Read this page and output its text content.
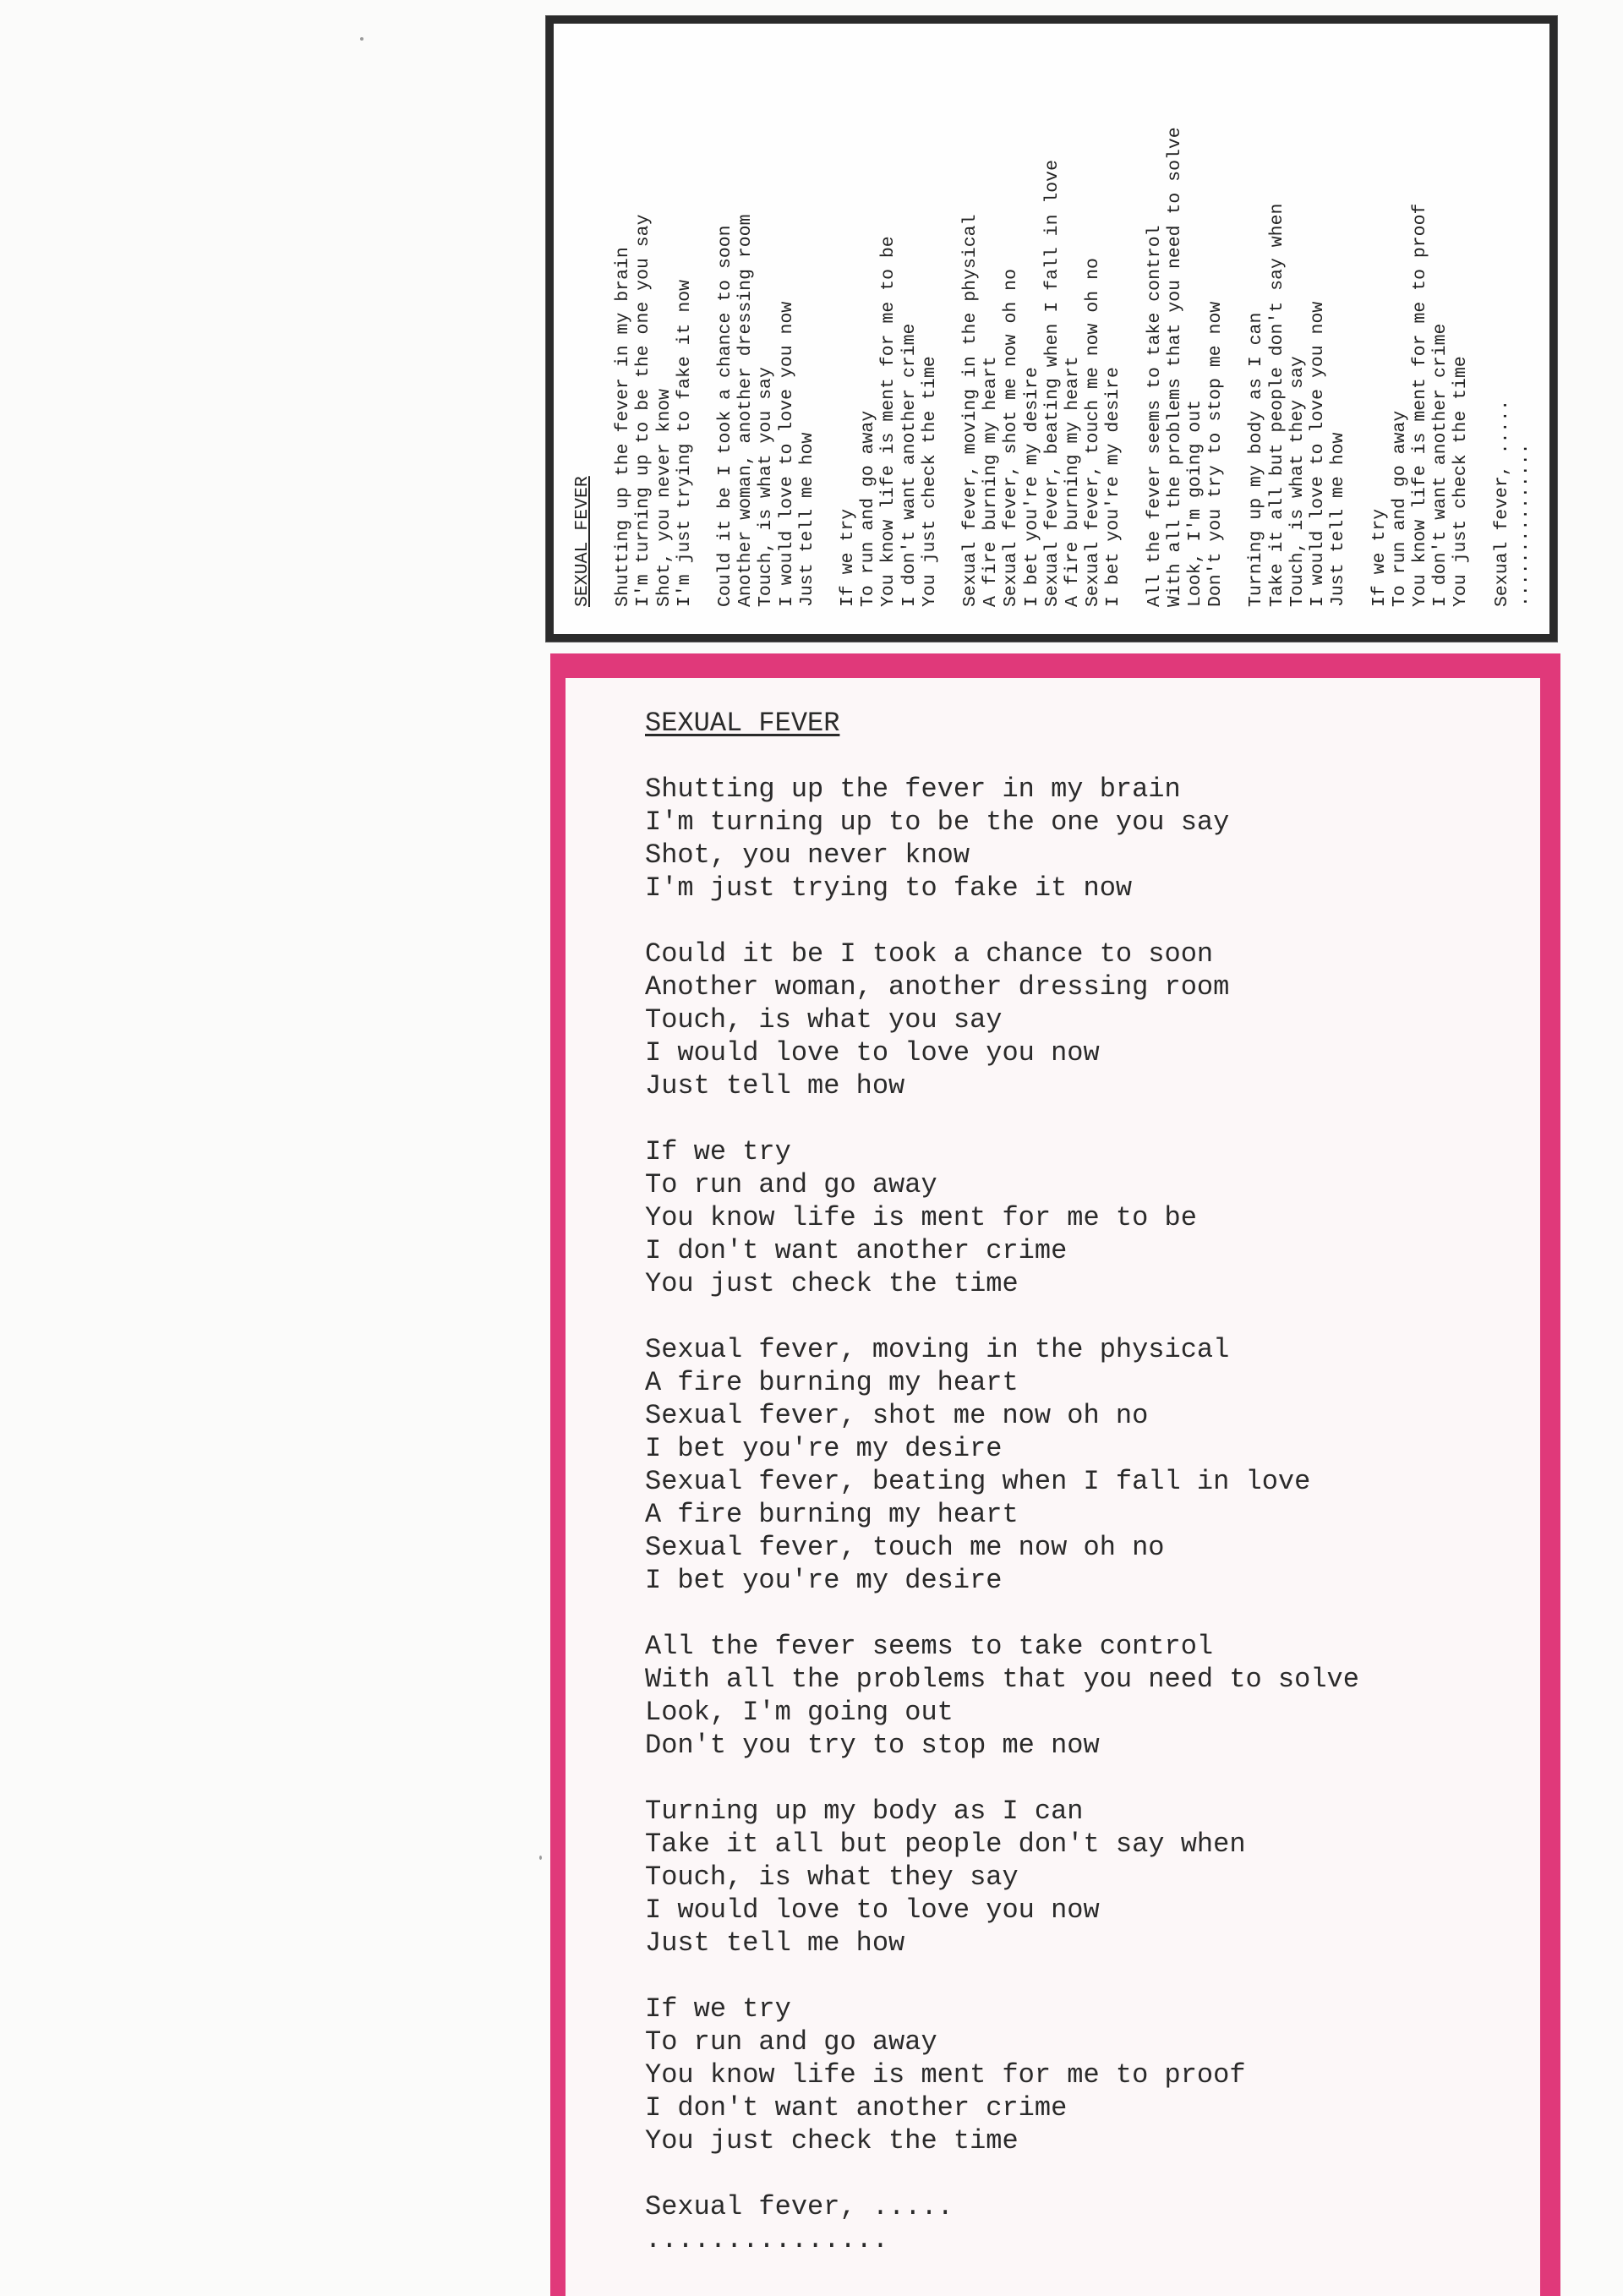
SEXUAL FEVER Shutting up the fever in my brain I'm turning up to be the one you say Shot, you never know I'm just trying to fake it now Could it be I took a chance to soon Another woman, another dressing room Touch, is what you say I would love to love you now Just tell me how If we try To run and go away You know life is ment for me to be I don't want another crime You just check the time Sexual fever, moving in the physical A fire burning my heart Sexual fever, shot me now oh no I bet you're my desire Sexual fever, beating when I fall in love A fire burning my heart Sexual fever, touch me now oh no I bet you're my desire All the fever seems to take control With all the problems that you need to solve Look, I'm going out Don't you try to stop me now Turning up my body as I can Take it all but people don't say when Touch, is what they say I would love to love you now Just tell me how If we try To run and go away You know life is ment for me to proof I don't want another crime You just check the time Sexual fever, ..... ...............
SEXUAL FEVER
Shutting up the fever in my brain
I'm turning up to be the one you say
Shot, you never know
I'm just trying to fake it now
Could it be I took a chance to soon
Another woman, another dressing room
Touch, is what you say
I would love to love you now
Just tell me how
If we try
To run and go away
You know life is ment for me to be
I don't want another crime
You just check the time
Sexual fever, moving in the physical
A fire burning my heart
Sexual fever, shot me now oh no
I bet you're my desire
Sexual fever, beating when I fall in love
A fire burning my heart
Sexual fever, touch me now oh no
I bet you're my desire
All the fever seems to take control
With all the problems that you need to solve
Look, I'm going out
Don't you try to stop me now
Turning up my body as I can
Take it all but people don't say when
Touch, is what they say
I would love to love you now
Just tell me how
If we try
To run and go away
You know life is ment for me to proof
I don't want another crime
You just check the time
Sexual fever, .....
...............
